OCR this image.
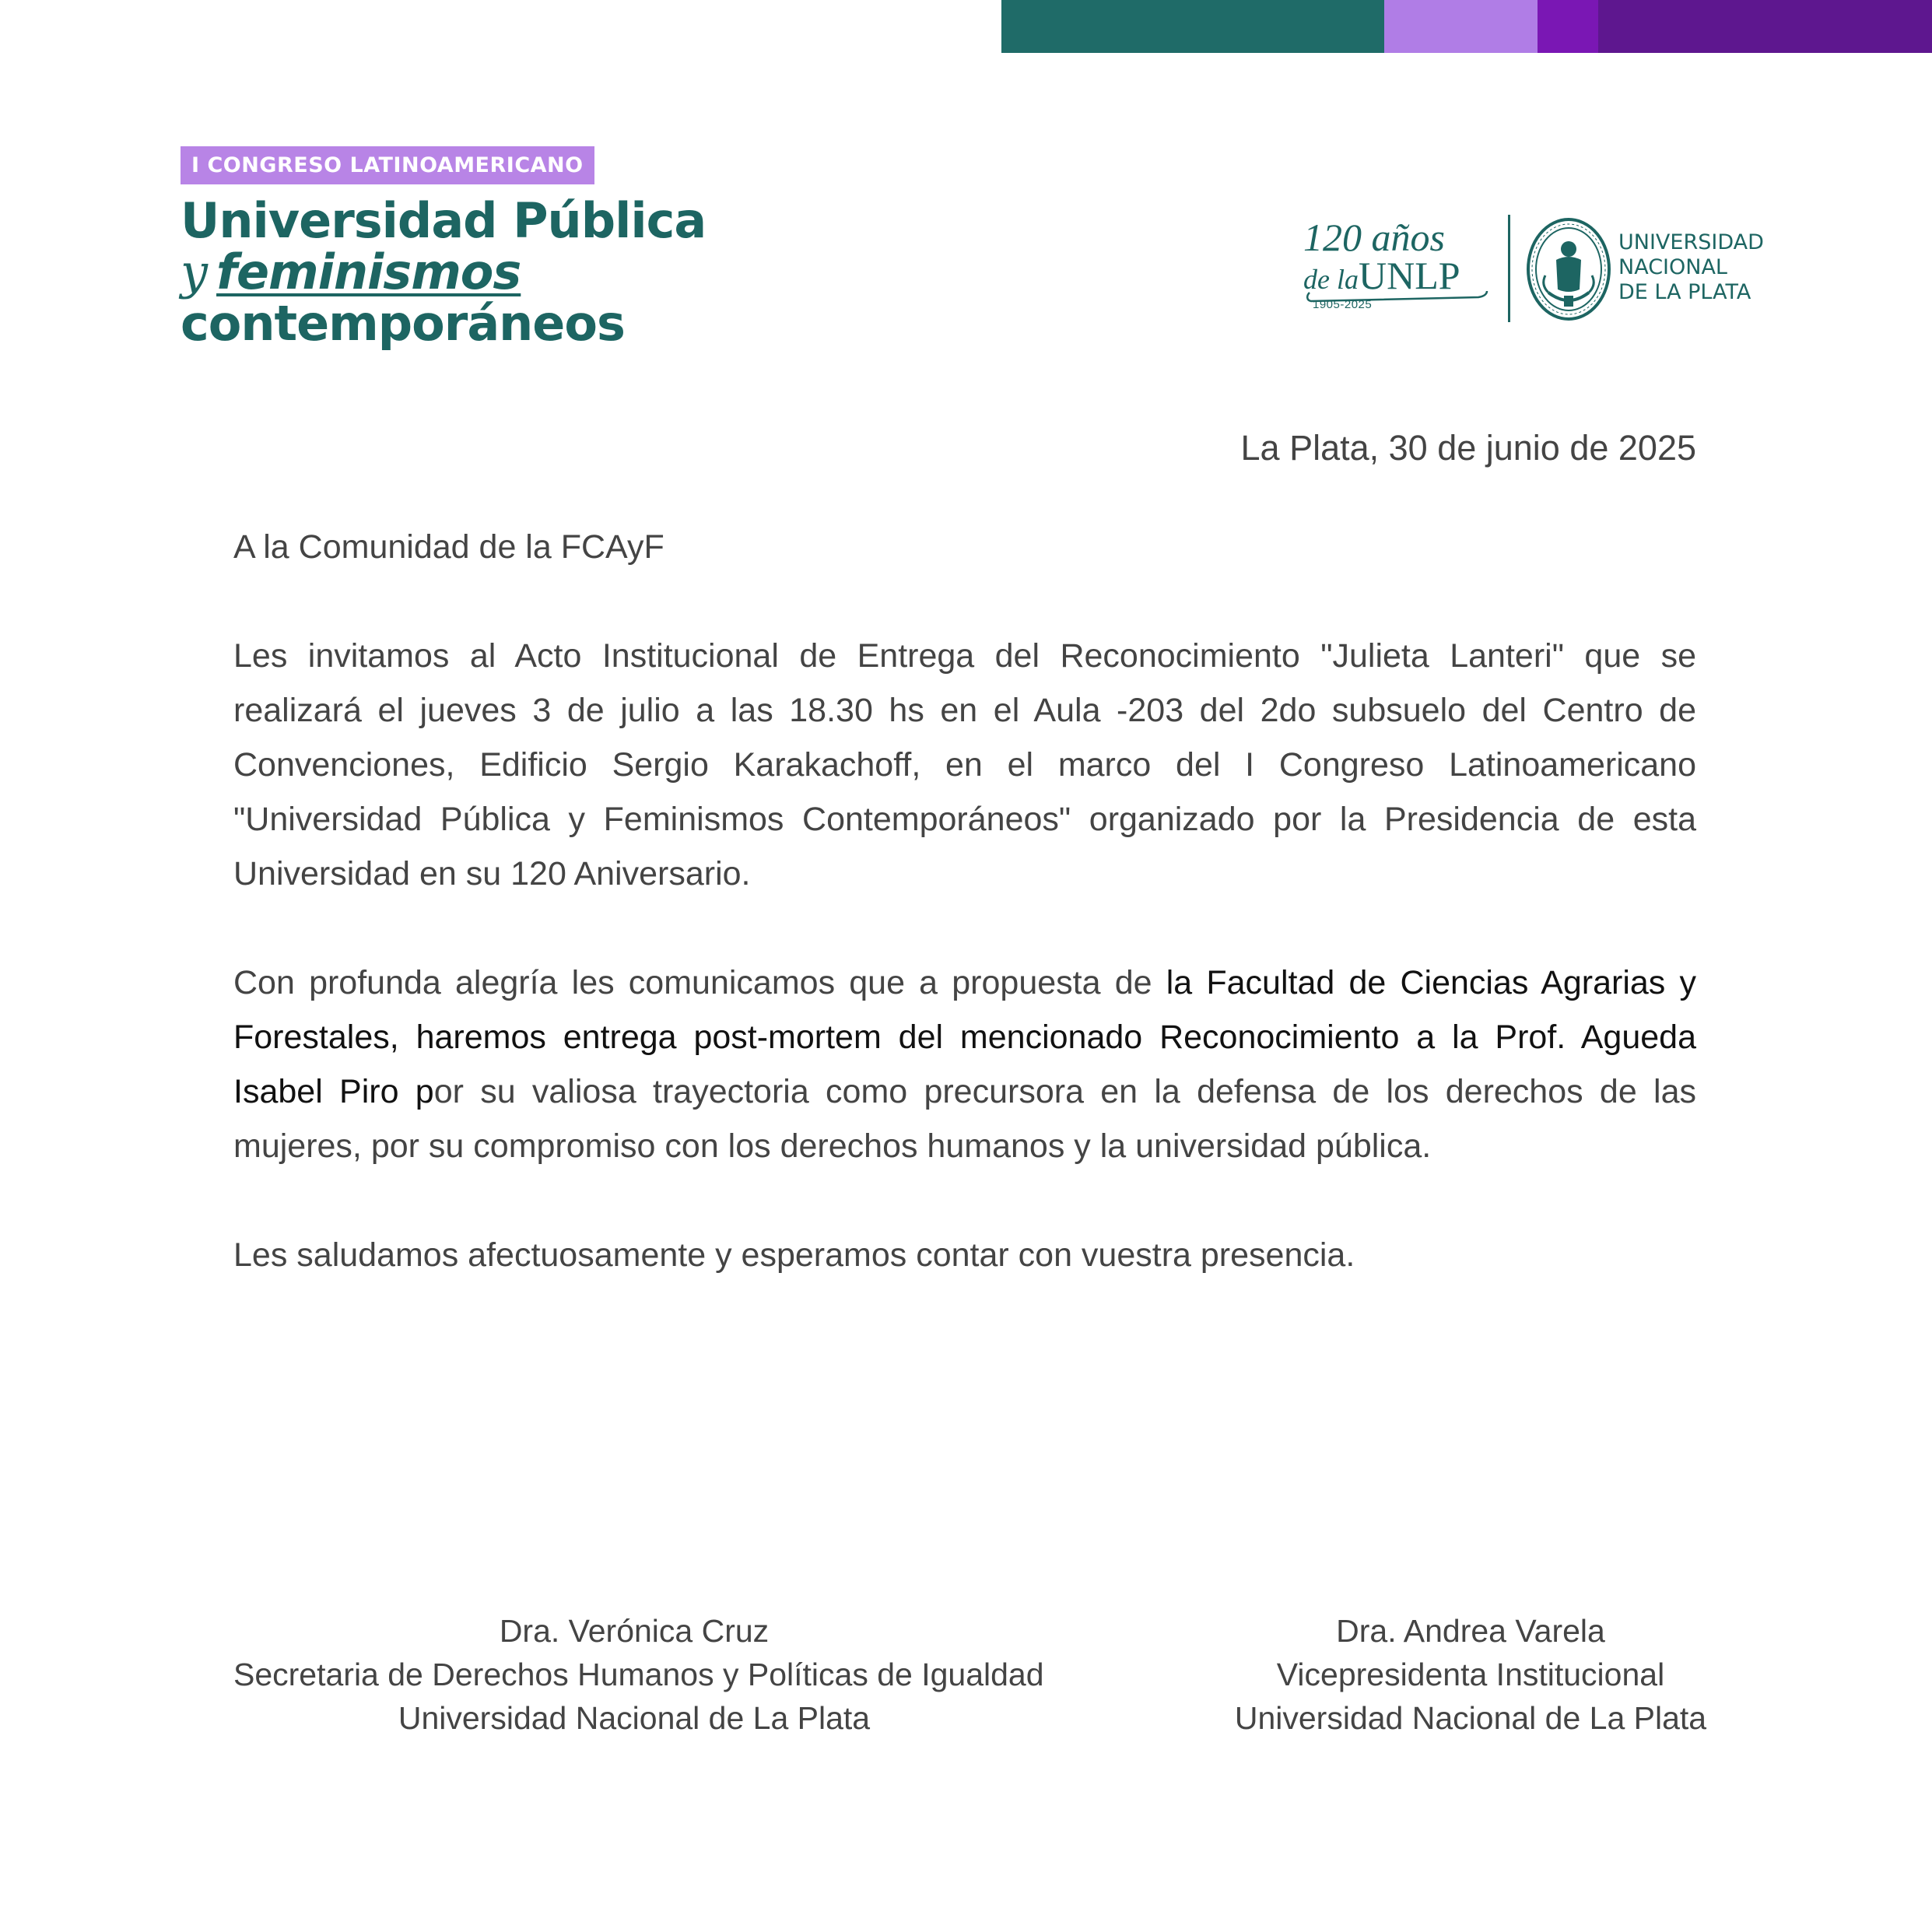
I CONGRESO LATINOAMERICANO
Universidad Pública
y feminismos
contemporáneos
120 años
de laUNLP
1905-2025
UNIVERSIDAD
NACIONAL
DE LA PLATA
La Plata, 30 de junio de 2025

A la Comunidad de la FCAyF

Les invitamos al Acto Institucional de Entrega del Reconocimiento "Julieta Lanteri" que se realizará el jueves 3 de julio a las 18.30 hs en el Aula -203 del 2do subsuelo del Centro de Convenciones, Edificio Sergio Karakachoff, en el marco del I Congreso Latinoamericano "Universidad Pública y Feminismos Contemporáneos" organizado por la Presidencia de esta Universidad en su 120 Aniversario.

Con profunda alegría les comunicamos que a propuesta de la Facultad de Ciencias Agrarias y Forestales, haremos entrega post-mortem del mencionado Reconocimiento a la Prof. Agueda Isabel Piro por su valiosa trayectoria como precursora en la defensa de los derechos de las mujeres, por su compromiso con los derechos humanos y la universidad pública.

Les saludamos afectuosamente y esperamos contar con vuestra presencia.

Dra. Verónica Cruz
Secretaria de Derechos Humanos y Políticas de Igualdad
Universidad Nacional de La Plata
Dra. Andrea Varela
Vicepresidenta Institucional
Universidad Nacional de La Plata
